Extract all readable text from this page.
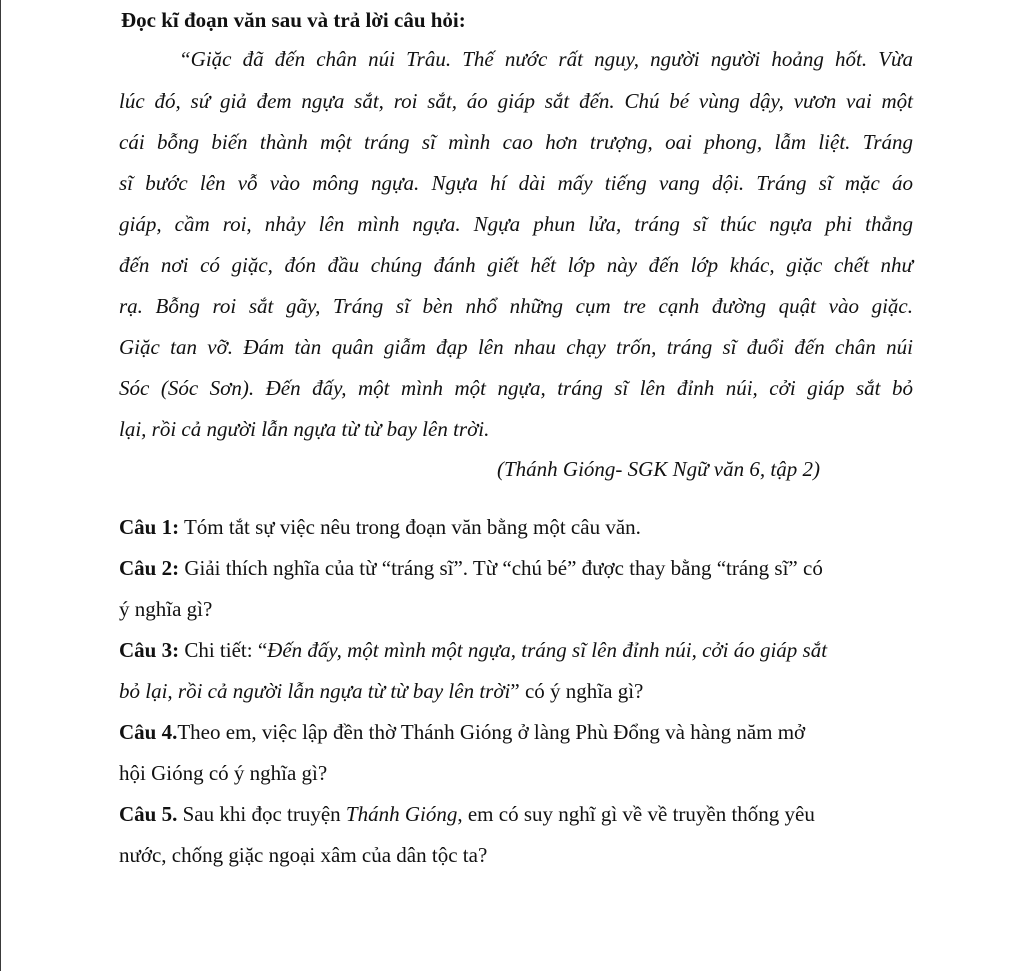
Đọc kĩ đoạn văn sau và trả lời câu hỏi:
“Giặc đã đến chân núi Trâu. Thế nước rất nguy, người người hoảng hốt. Vừa
lúc đó, sứ giả đem ngựa sắt, roi sắt, áo giáp sắt đến. Chú bé vùng dậy, vươn vai một
cái bỗng biến thành một tráng sĩ mình cao hơn trượng, oai phong, lẫm liệt. Tráng
sĩ bước lên vỗ vào mông ngựa. Ngựa hí dài mấy tiếng vang dội. Tráng sĩ mặc áo
giáp, cầm roi, nhảy lên mình ngựa. Ngựa phun lửa, tráng sĩ thúc ngựa phi thẳng
đến nơi có giặc, đón đầu chúng đánh giết hết lớp này đến lớp khác, giặc chết như
rạ. Bỗng roi sắt gãy, Tráng sĩ bèn nhổ những cụm tre cạnh đường quật vào giặc.
Giặc tan vỡ. Đám tàn quân giẫm đạp lên nhau chạy trốn, tráng sĩ đuổi đến chân núi
Sóc (Sóc Sơn). Đến đấy, một mình một ngựa, tráng sĩ lên đỉnh núi, cởi giáp sắt bỏ
lại, rồi cả người lẫn ngựa từ từ bay lên trời.
(Thánh Gióng- SGK Ngữ văn 6, tập 2)
Câu 1: Tóm tắt sự việc nêu trong đoạn văn bằng một câu văn.
Câu 2: Giải thích nghĩa của từ “tráng sĩ”. Từ “chú bé” được thay bằng “tráng sĩ” có
ý nghĩa gì?
Câu 3: Chi tiết: “Đến đấy, một mình một ngựa, tráng sĩ lên đỉnh núi, cởi áo giáp sắt
bỏ lại, rồi cả người lẫn ngựa từ từ bay lên trời” có ý nghĩa gì?
Câu 4.Theo em, việc lập đền thờ Thánh Gióng ở làng Phù Đổng và hàng năm mở
hội Gióng có ý nghĩa gì?
Câu 5. Sau khi đọc truyện Thánh Gióng, em có suy nghĩ gì về về truyền thống yêu
nước, chống giặc ngoại xâm của dân tộc ta?
